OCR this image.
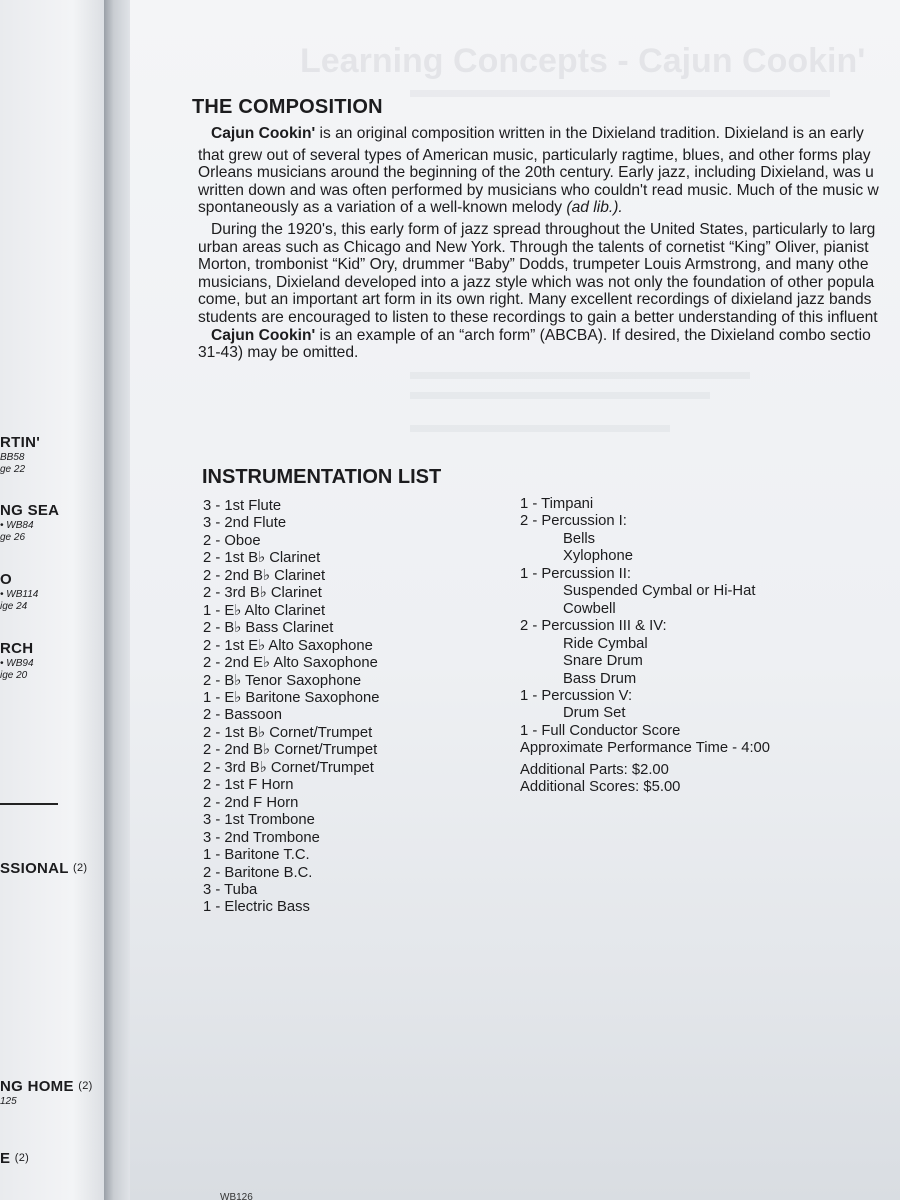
RTIN'
BB58
ge 22
NG SEA
• WB84
ge 26
O
• WB114
ige 24
RCH
• WB94
ige 20
SSIONAL (2)
NG HOME (2)
125
E (2)
Learning Concepts - Cajun Cookin'
THE COMPOSITION

Cajun Cookin' is an original composition written in the Dixieland tradition. Dixieland is an early

that grew out of several types of American music, particularly ragtime, blues, and other forms play

Orleans musicians around the beginning of the 20th century. Early jazz, including Dixieland, was u

written down and was often performed by musicians who couldn't read music. Much of the music w

spontaneously as a variation of a well-known melody (ad lib.).

During the 1920's, this early form of jazz spread throughout the United States, particularly to larg

urban areas such as Chicago and New York. Through the talents of cornetist “King” Oliver, pianist

Morton, trombonist “Kid” Ory, drummer “Baby” Dodds, trumpeter Louis Armstrong, and many othe

musicians, Dixieland developed into a jazz style which was not only the foundation of other popula

come, but an important art form in its own right. Many excellent recordings of dixieland jazz bands

students are encouraged to listen to these recordings to gain a better understanding of this influent

Cajun Cookin' is an example of an “arch form” (ABCBA). If desired, the Dixieland combo sectio

31-43) may be omitted.

INSTRUMENTATION LIST
3 - 1st Flute
3 - 2nd Flute
2 - Oboe
2 - 1st B♭ Clarinet
2 - 2nd B♭ Clarinet
2 - 3rd B♭ Clarinet
1 - E♭ Alto Clarinet
2 - B♭ Bass Clarinet
2 - 1st E♭ Alto Saxophone
2 - 2nd E♭ Alto Saxophone
2 - B♭ Tenor Saxophone
1 - E♭ Baritone Saxophone
2 - Bassoon
2 - 1st B♭ Cornet/Trumpet
2 - 2nd B♭ Cornet/Trumpet
2 - 3rd B♭ Cornet/Trumpet
2 - 1st F Horn
2 - 2nd F Horn
3 - 1st Trombone
3 - 2nd Trombone
1 - Baritone T.C.
2 - Baritone B.C.
3 - Tuba
1 - Electric Bass
1 - Timpani
2 - Percussion I:
Bells
Xylophone
1 - Percussion II:
Suspended Cymbal or Hi-Hat
Cowbell
2 - Percussion III & IV:
Ride Cymbal
Snare Drum
Bass Drum
1 - Percussion V:
Drum Set
1 - Full Conductor Score
Approximate Performance Time - 4:00
Additional Parts: $2.00
Additional Scores: $5.00
WB126
